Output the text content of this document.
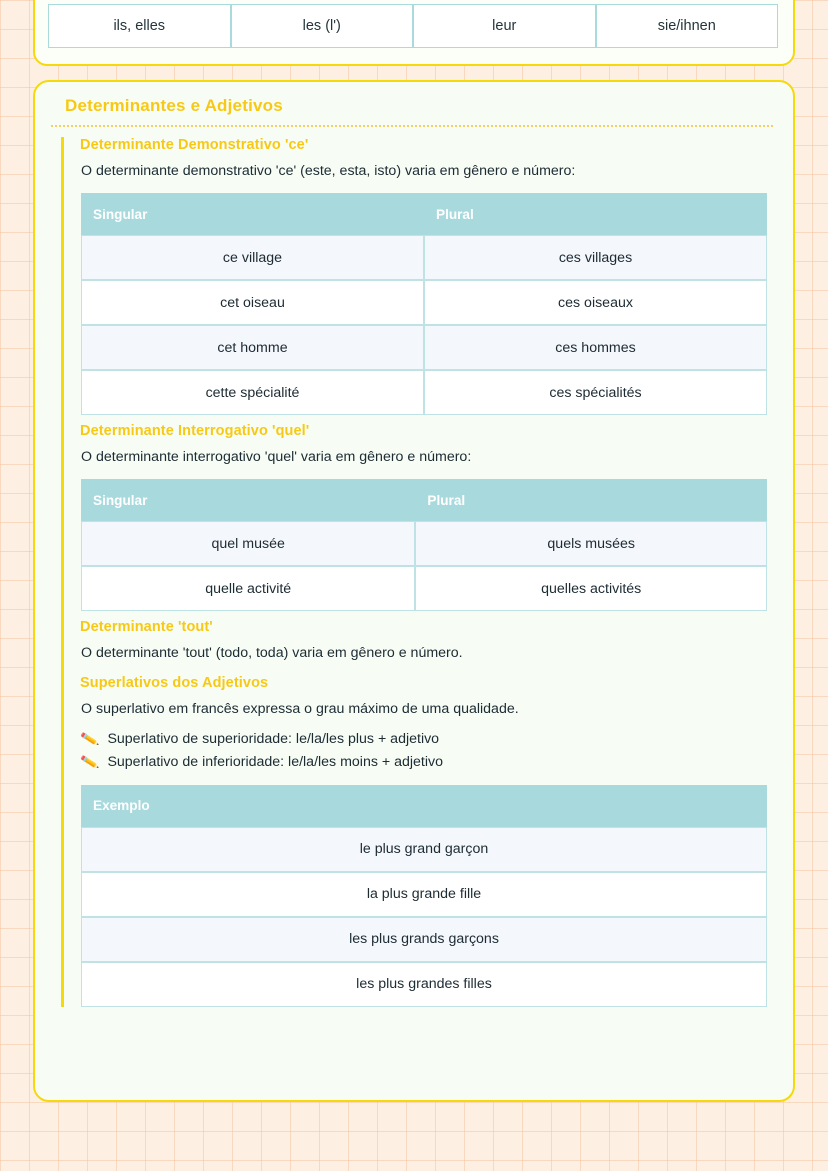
ils, elles	les (l')	leur	sie/ihnen
Determinantes e Adjetivos
Determinante Demonstrativo 'ce'

O determinante demonstrativo 'ce' (este, esta, isto) varia em gênero e número:

Singular	Plural
ce village	ces villages
cet oiseau	ces oiseaux
cet homme	ces hommes
cette spécialité	ces spécialités
Determinante Interrogativo 'quel'

O determinante interrogativo 'quel' varia em gênero e número:

Singular	Plural
quel musée	quels musées
quelle activité	quelles activités
Determinante 'tout'

O determinante 'tout' (todo, toda) varia em gênero e número.

Superlativos dos Adjetivos

O superlativo em francês expressa o grau máximo de uma qualidade.

✏️ Superlativo de superioridade: le/la/les plus + adjetivo
✏️ Superlativo de inferioridade: le/la/les moins + adjetivo
Exemplo
le plus grand garçon
la plus grande fille
les plus grands garçons
les plus grandes filles
